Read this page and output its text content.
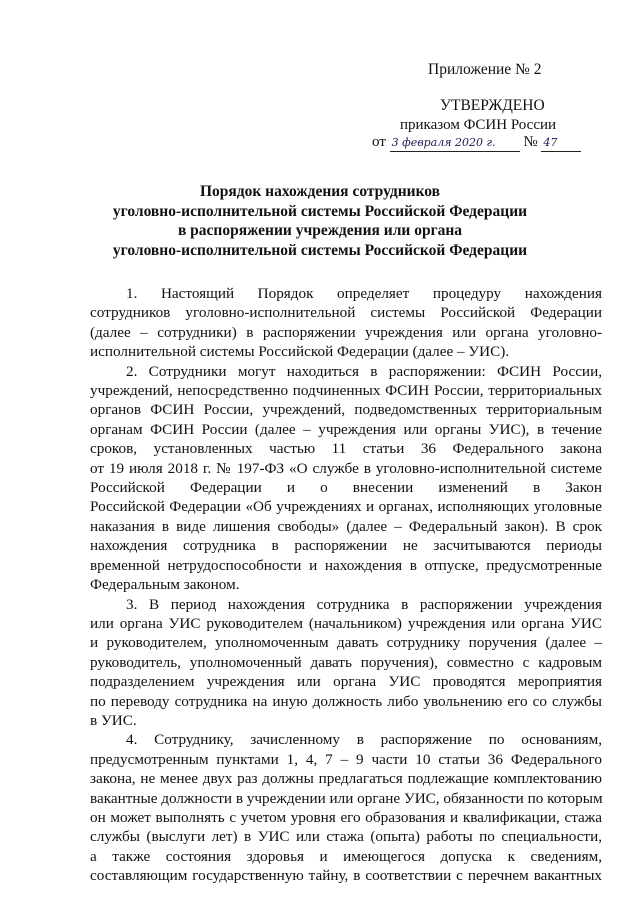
Приложение № 2
УТВЕРЖДЕНО
приказом ФСИН России
от 3 февраля 2020 г. № 47
Порядок нахождения сотрудников
уголовно-исполнительной системы Российской Федерации
в распоряжении учреждения или органа
уголовно-исполнительной системы Российской Федерации
1. Настоящий Порядок определяет процедуру нахождения
сотрудников уголовно-исполнительной системы Российской Федерации
(далее – сотрудники) в распоряжении учреждения или органа уголовно-
исполнительной системы Российской Федерации (далее – УИС).
2. Сотрудники могут находиться в распоряжении: ФСИН России,
учреждений, непосредственно подчиненных ФСИН России, территориальных
органов ФСИН России, учреждений, подведомственных территориальным
органам ФСИН России (далее – учреждения или органы УИС), в течение
сроков, установленных частью 11 статьи 36 Федерального закона
от 19 июля 2018 г. № 197-ФЗ «О службе в уголовно-исполнительной системе
Российской Федерации и о внесении изменений в Закон
Российской Федерации «Об учреждениях и органах, исполняющих уголовные
наказания в виде лишения свободы» (далее – Федеральный закон). В срок
нахождения сотрудника в распоряжении не засчитываются периоды
временной нетрудоспособности и нахождения в отпуске, предусмотренные
Федеральным законом.
3. В период нахождения сотрудника в распоряжении учреждения
или органа УИС руководителем (начальником) учреждения или органа УИС
и руководителем, уполномоченным давать сотруднику поручения (далее –
руководитель, уполномоченный давать поручения), совместно с кадровым
подразделением учреждения или органа УИС проводятся мероприятия
по переводу сотрудника на иную должность либо увольнению его со службы
в УИС.
4. Сотруднику, зачисленному в распоряжение по основаниям,
предусмотренным пунктами 1, 4, 7 – 9 части 10 статьи 36 Федерального
закона, не менее двух раз должны предлагаться подлежащие комплектованию
вакантные должности в учреждении или органе УИС, обязанности по которым
он может выполнять с учетом уровня его образования и квалификации, стажа
службы (выслуги лет) в УИС или стажа (опыта) работы по специальности,
а также состояния здоровья и имеющегося допуска к сведениям,
составляющим государственную тайну, в соответствии с перечнем вакантных
